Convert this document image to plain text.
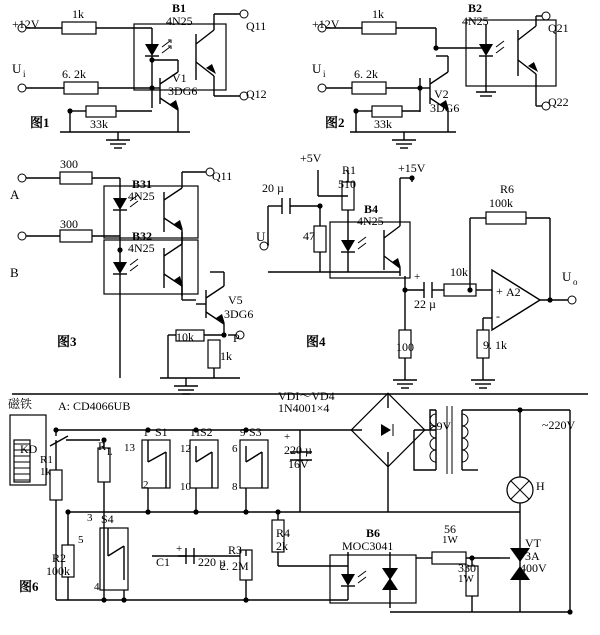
+
-
+12V
1k	B1
4N25	Q11
U i	6. 2k	V1
3DG6	Q12
33k
+12V
1k	B2
4N25	Q21
U i 6. 2k
V2
3DG6	Q22
33k
300
B31
4N25
Q11
A
300
B32
4N25
B
V5
3DG6
10k	P
1k
+5V
R1
510
+15V
20 µ
B4
4N25
R6
100k
U i	47
10k
+
22 µ
A2
U o
100	9. 1k
磁铁 A: CD4066UB
VDI～VD4
1N4001×4
~220V
KD	R L
S1	S2	S3
13
11	9
1
12	6
2	10	8
+
220 µ
16V
~9V
R1
1k
H
3 S4
5
4
R4
2k
R3
2. 2M
C1 220 µ
+
B6
MOC3041
56
1W	VT
3A
400V
330
1W
R2
100k
图1	图2
图3	图4
图6
